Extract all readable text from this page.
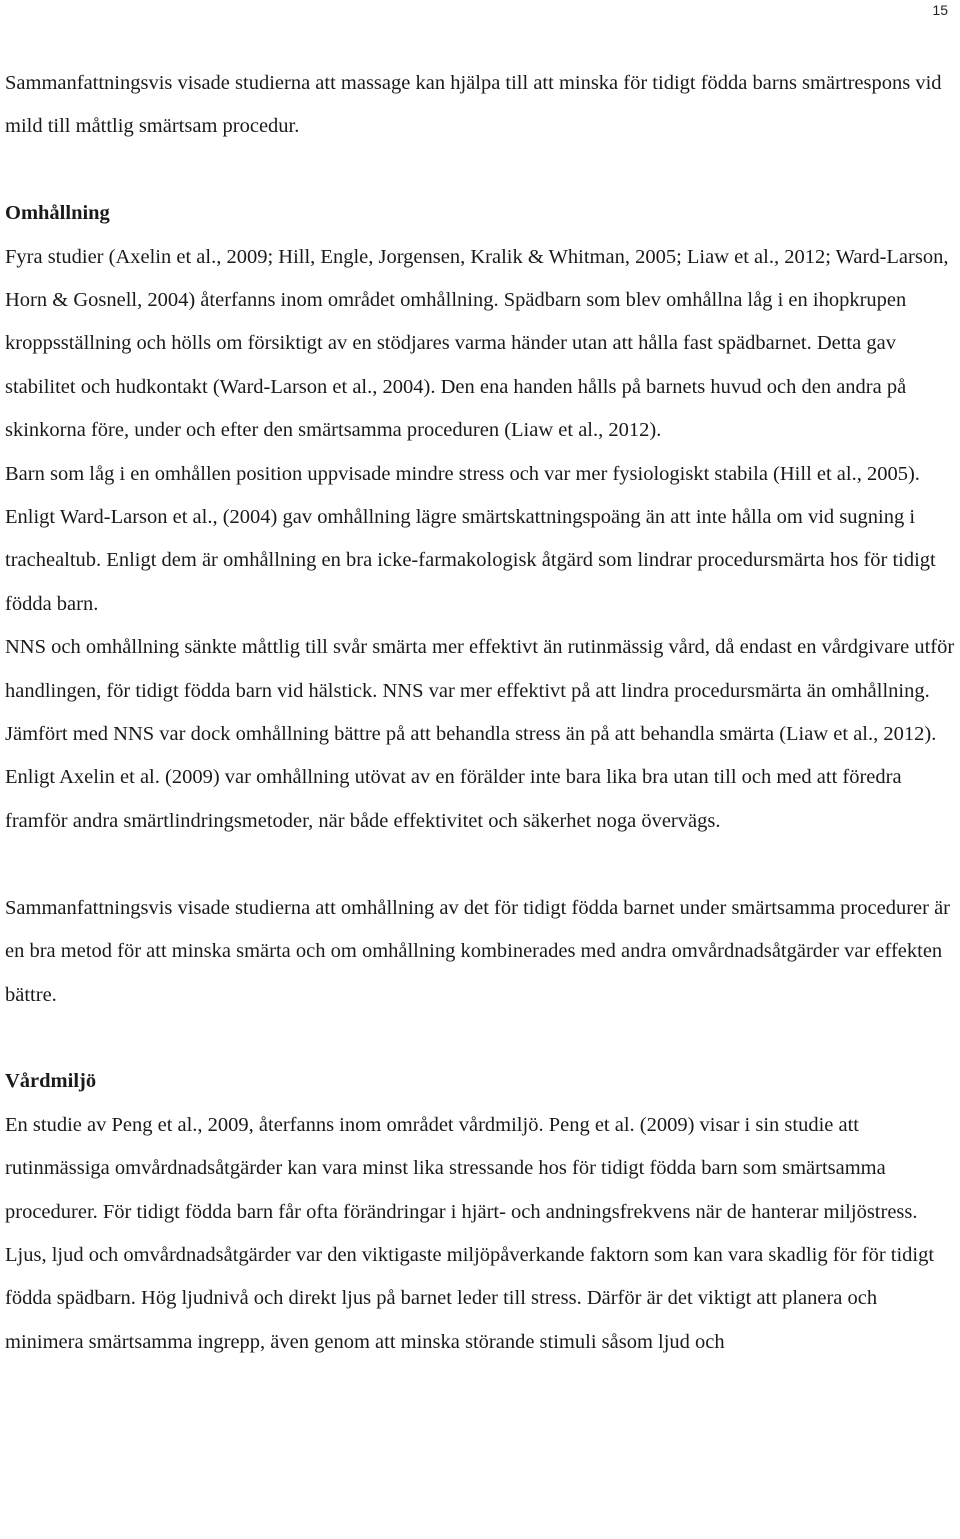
15

Sammanfattningsvis visade studierna att massage kan hjälpa till att minska för tidigt födda barns smärtrespons vid mild till måttlig smärtsam procedur.

Omhållning

Fyra studier (Axelin et al., 2009; Hill, Engle, Jorgensen, Kralik & Whitman, 2005; Liaw et al., 2012; Ward-Larson, Horn & Gosnell, 2004) återfanns inom området omhållning. Spädbarn som blev omhållna låg i en ihopkrupen kroppsställning och hölls om försiktigt av en stödjares varma händer utan att hålla fast spädbarnet. Detta gav stabilitet och hudkontakt (Ward-Larson et al., 2004). Den ena handen hålls på barnets huvud och den andra på skinkorna före, under och efter den smärtsamma proceduren (Liaw et al., 2012).

Barn som låg i en omhållen position uppvisade mindre stress och var mer fysiologiskt stabila (Hill et al., 2005). Enligt Ward-Larson et al., (2004) gav omhållning lägre smärtskattningspoäng än att inte hålla om vid sugning i trachealtub. Enligt dem är omhållning en bra icke-farmakologisk åtgärd som lindrar procedursmärta hos för tidigt födda barn.

NNS och omhållning sänkte måttlig till svår smärta mer effektivt än rutinmässig vård, då endast en vårdgivare utför handlingen, för tidigt födda barn vid hälstick. NNS var mer effektivt på att lindra procedursmärta än omhållning. Jämfört med NNS var dock omhållning bättre på att behandla stress än på att behandla smärta (Liaw et al., 2012).

Enligt Axelin et al. (2009) var omhållning utövat av en förälder inte bara lika bra utan till och med att föredra framför andra smärtlindringsmetoder, när både effektivitet och säkerhet noga övervägs.

Sammanfattningsvis visade studierna att omhållning av det för tidigt födda barnet under smärtsamma procedurer är en bra metod för att minska smärta och om omhållning kombinerades med andra omvårdnadsåtgärder var effekten bättre.

Vårdmiljö

En studie av Peng et al., 2009, återfanns inom området vårdmiljö. Peng et al. (2009) visar i sin studie att rutinmässiga omvårdnadsåtgärder kan vara minst lika stressande hos för tidigt födda barn som smärtsamma procedurer. För tidigt födda barn får ofta förändringar i hjärt- och andningsfrekvens när de hanterar miljöstress. Ljus, ljud och omvårdnadsåtgärder var den viktigaste miljöpåverkande faktorn som kan vara skadlig för för tidigt födda spädbarn. Hög ljudnivå och direkt ljus på barnet leder till stress. Därför är det viktigt att planera och minimera smärtsamma ingrepp, även genom att minska störande stimuli såsom ljud och
